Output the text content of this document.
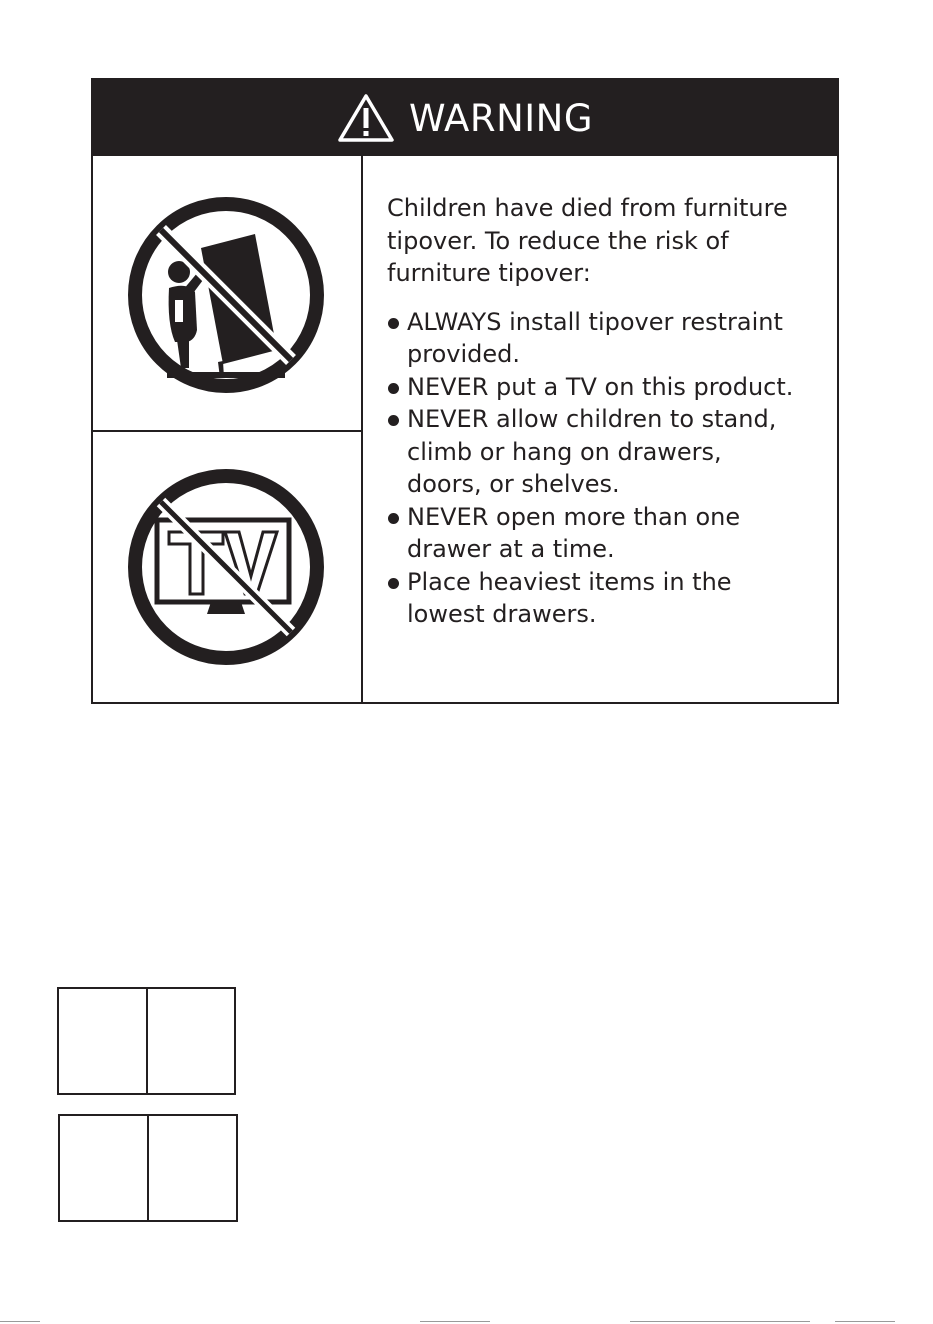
WARNING

Children have died from furniture
tipover. To reduce the risk of
furniture tipover:

ALWAYS install tipover restraint
provided.
NEVER put a TV on this product.
NEVER allow children to stand,
climb or hang on drawers,
doors, or shelves.
NEVER open more than one
drawer at a time.
Place heaviest items in the
lowest drawers.
